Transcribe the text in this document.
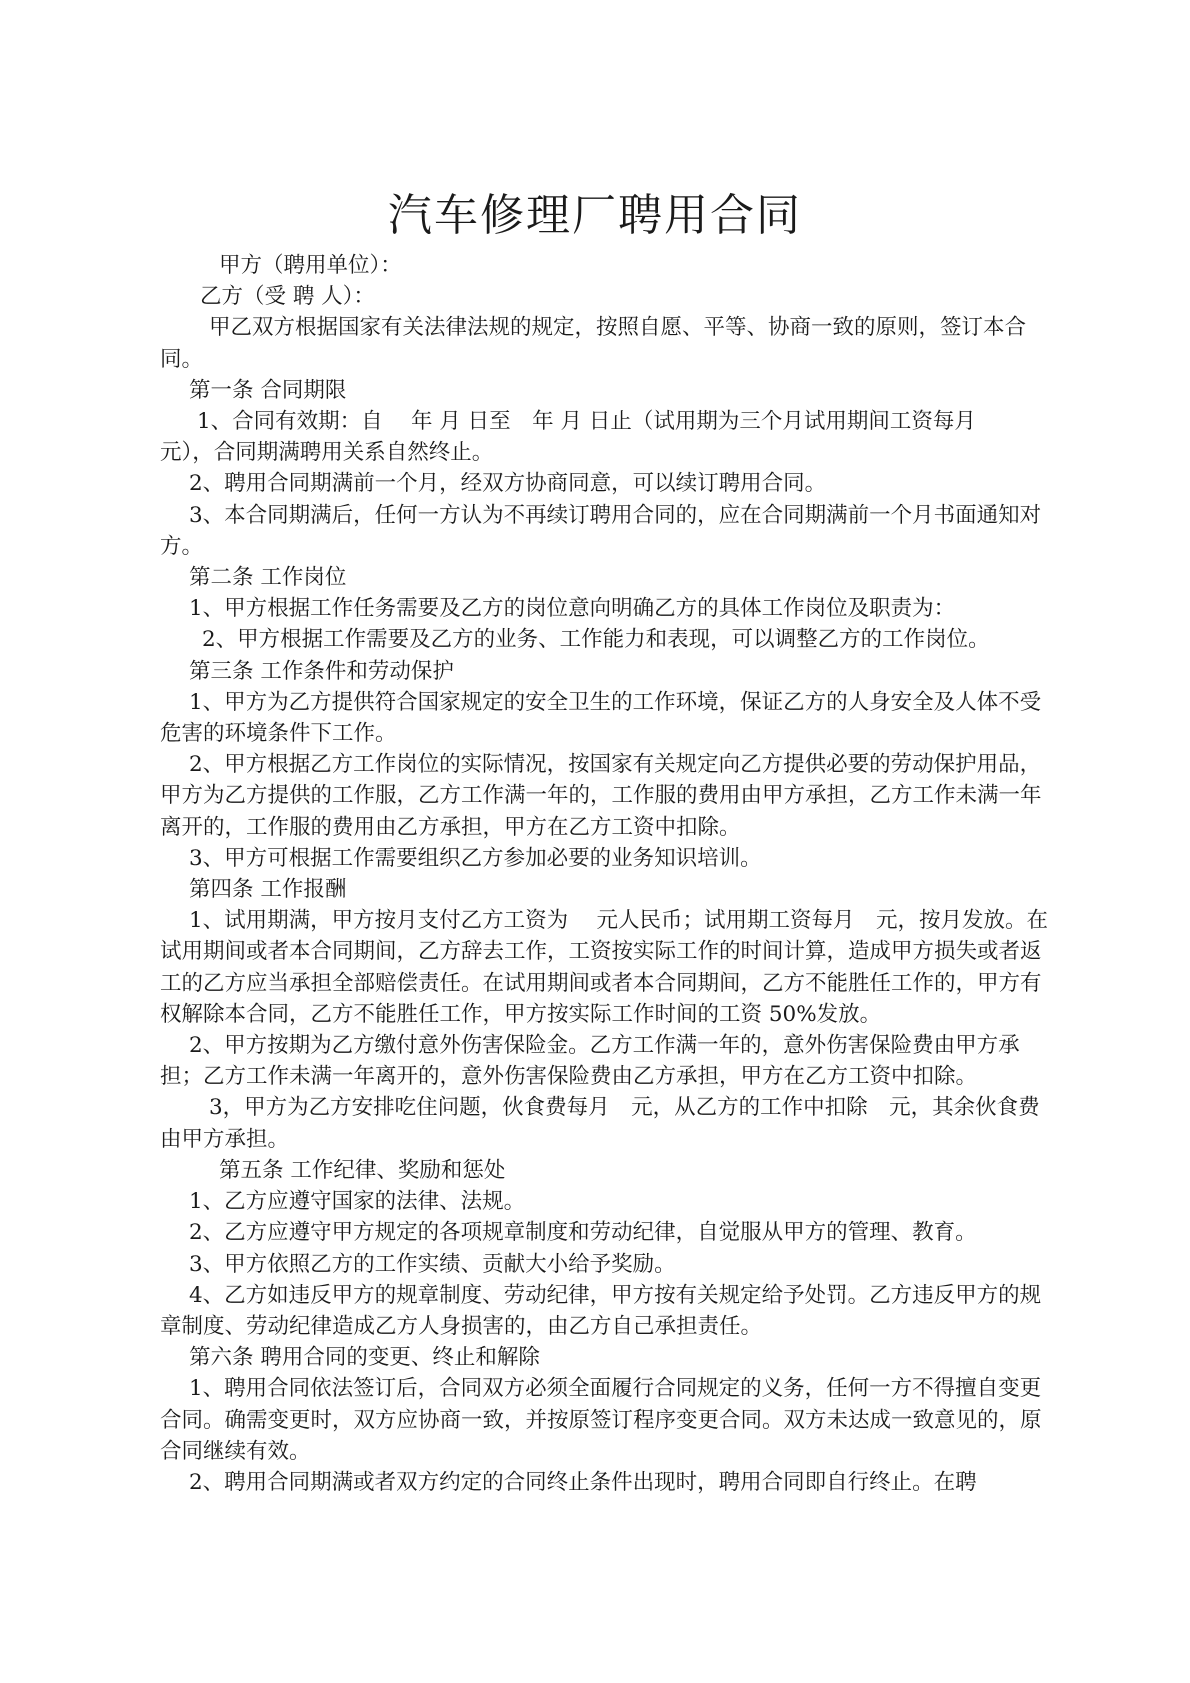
汽车修理厂聘用合同

甲方（聘用单位）：

乙方（受 聘 人）：

甲乙双方根据国家有关法律法规的规定，按照自愿、平等、协商一致的原则，签订本合同。

第一条 合同期限

1、合同有效期：自　 年 月 日至　年 月 日止（试用期为三个月试用期间工资每月　元），合同期满聘用关系自然终止。

2、聘用合同期满前一个月，经双方协商同意，可以续订聘用合同。

3、本合同期满后，任何一方认为不再续订聘用合同的，应在合同期满前一个月书面通知对方。

第二条 工作岗位

1、甲方根据工作任务需要及乙方的岗位意向明确乙方的具体工作岗位及职责为：

2、甲方根据工作需要及乙方的业务、工作能力和表现，可以调整乙方的工作岗位。

第三条 工作条件和劳动保护

1、甲方为乙方提供符合国家规定的安全卫生的工作环境，保证乙方的人身安全及人体不受危害的环境条件下工作。

2、甲方根据乙方工作岗位的实际情况，按国家有关规定向乙方提供必要的劳动保护用品，甲方为乙方提供的工作服，乙方工作满一年的，工作服的费用由甲方承担，乙方工作未满一年离开的，工作服的费用由乙方承担，甲方在乙方工资中扣除。

3、甲方可根据工作需要组织乙方参加必要的业务知识培训。

第四条 工作报酬

1、试用期满，甲方按月支付乙方工资为　 元人民币；试用期工资每月　元，按月发放。在试用期间或者本合同期间，乙方辞去工作，工资按实际工作的时间计算，造成甲方损失或者返工的乙方应当承担全部赔偿责任。在试用期间或者本合同期间，乙方不能胜任工作的，甲方有权解除本合同，乙方不能胜任工作，甲方按实际工作时间的工资 50%发放。

2、甲方按期为乙方缴付意外伤害保险金。乙方工作满一年的，意外伤害保险费由甲方承担；乙方工作未满一年离开的，意外伤害保险费由乙方承担，甲方在乙方工资中扣除。

3，甲方为乙方安排吃住问题，伙食费每月　元，从乙方的工作中扣除　元，其余伙食费由甲方承担。

第五条 工作纪律、奖励和惩处

1、乙方应遵守国家的法律、法规。

2、乙方应遵守甲方规定的各项规章制度和劳动纪律，自觉服从甲方的管理、教育。

3、甲方依照乙方的工作实绩、贡献大小给予奖励。

4、乙方如违反甲方的规章制度、劳动纪律，甲方按有关规定给予处罚。乙方违反甲方的规章制度、劳动纪律造成乙方人身损害的，由乙方自己承担责任。

第六条 聘用合同的变更、终止和解除

1、聘用合同依法签订后，合同双方必须全面履行合同规定的义务，任何一方不得擅自变更合同。确需变更时，双方应协商一致，并按原签订程序变更合同。双方未达成一致意见的，原合同继续有效。

2、聘用合同期满或者双方约定的合同终止条件出现时，聘用合同即自行终止。在聘
